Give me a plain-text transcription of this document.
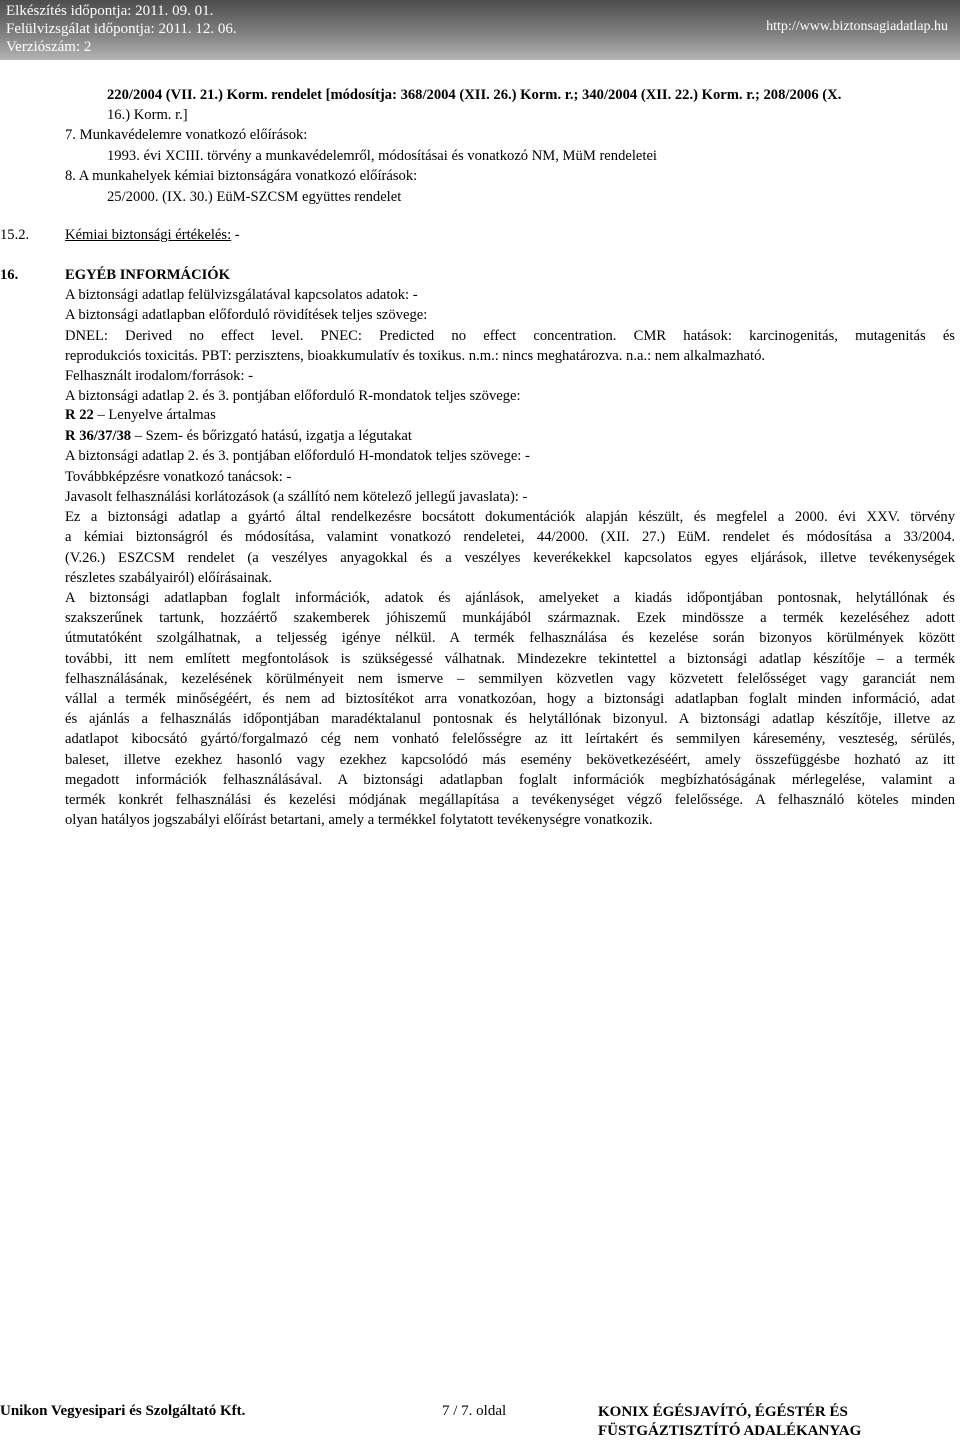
Elkészítés időpontja: 2011. 09. 01.
Felülvizsgálat időpontja: 2011. 12. 06.
Verziószám: 2
http://www.biztonsagiadatlap.hu
220/2004 (VII. 21.) Korm. rendelet [módosítja: 368/2004 (XII. 26.) Korm. r.; 340/2004 (XII. 22.) Korm. r.; 208/2006 (X.
16.) Korm. r.]
7. Munkavédelemre vonatkozó előírások:
1993. évi XCIII. törvény a munkavédelemről, módosításai és vonatkozó NM, MüM rendeletei
8. A munkahelyek kémiai biztonságára vonatkozó előírások:
25/2000. (IX. 30.) EüM-SZCSM együttes rendelet
15.2. Kémiai biztonsági értékelés: -
16.	EGYÉB INFORMÁCIÓK
A biztonsági adatlap felülvizsgálatával kapcsolatos adatok: -
A biztonsági adatlapban előforduló rövidítések teljes szövege:
DNEL: Derived no effect level. PNEC: Predicted no effect concentration. CMR hatások: karcinogenitás, mutagenitás és
reprodukciós toxicitás. PBT: perzisztens, bioakkumulatív és toxikus. n.m.: nincs meghatározva. n.a.: nem alkalmazható.
Felhasznált irodalom/források: -
A biztonsági adatlap 2. és 3. pontjában előforduló R-mondatok teljes szövege:
R 22 – Lenyelve ártalmas
R 36/37/38 – Szem- és bőrizgató hatású, izgatja a légutakat
A biztonsági adatlap 2. és 3. pontjában előforduló H-mondatok teljes szövege: -
Továbbképzésre vonatkozó tanácsok: -
Javasolt felhasználási korlátozások (a szállító nem kötelező jellegű javaslata): -
Ez a biztonsági adatlap a gyártó által rendelkezésre bocsátott dokumentációk alapján készült, és megfelel a 2000. évi XXV. törvény
a kémiai biztonságról és módosítása, valamint vonatkozó rendeletei, 44/2000. (XII. 27.) EüM. rendelet és módosítása a 33/2004.
(V.26.) ESZCSM rendelet (a veszélyes anyagokkal és a veszélyes keverékekkel kapcsolatos egyes eljárások, illetve tevékenységek
részletes szabályairól) előírásainak.
A biztonsági adatlapban foglalt információk, adatok és ajánlások, amelyeket a kiadás időpontjában pontosnak, helytállónak és
szakszerűnek tartunk, hozzáértő szakemberek jóhiszemű munkájából származnak. Ezek mindössze a termék kezeléséhez adott
útmutatóként szolgálhatnak, a teljesség igénye nélkül. A termék felhasználása és kezelése során bizonyos körülmények között
további, itt nem említett megfontolások is szükségessé válhatnak. Mindezekre tekintettel a biztonsági adatlap készítője – a termék
felhasználásának, kezelésének körülményeit nem ismerve – semmilyen közvetlen vagy közvetett felelősséget vagy garanciát nem
vállal a termék minőségéért, és nem ad biztosítékot arra vonatkozóan, hogy a biztonsági adatlapban foglalt minden információ, adat
és ajánlás a felhasználás időpontjában maradéktalanul pontosnak és helytállónak bizonyul. A biztonsági adatlap készítője, illetve az
adatlapot kibocsátó gyártó/forgalmazó cég nem vonható felelősségre az itt leírtakért és semmilyen káresemény, veszteség, sérülés,
baleset, illetve ezekhez hasonló vagy ezekhez kapcsolódó más esemény bekövetkezéséért, amely összefüggésbe hozható az itt
megadott információk felhasználásával. A biztonsági adatlapban foglalt információk megbízhatóságának mérlegelése, valamint a
termék konkrét felhasználási és kezelési módjának megállapítása a tevékenységet végző felelőssége. A felhasználó köteles minden
olyan hatályos jogszabályi előírást betartani, amely a termékkel folytatott tevékenységre vonatkozik.
Unikon Vegyesipari és Szolgáltató Kft.	7 / 7. oldal	KONIX ÉGÉSJAVÍTÓ, ÉGÉSTÉR ÉS
FÜSTGÁZTISZTÍTÓ ADALÉKANYAG
